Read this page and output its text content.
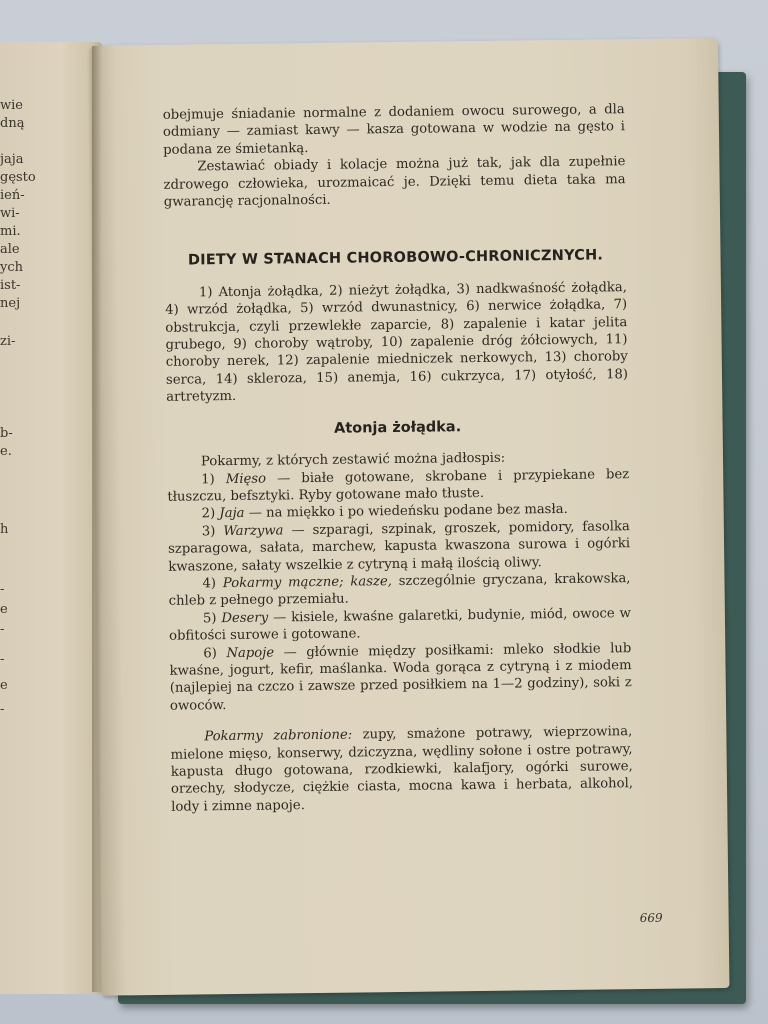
wie
dną
jaja
gęsto
ień-
wi-
mi.
ale
ych
ist-
nej
zi-
b-
e.
h
-
e
-
-
e
-

obejmuje śniadanie normalne z dodaniem owocu surowego, a dla odmiany — zamiast kawy — kasza gotowana w wodzie na gęsto i podana ze śmietanką.

Zestawiać obiady i kolacje można już tak, jak dla zupełnie zdrowego człowieka, urozmaicać je. Dzięki temu dieta taka ma gwarancję racjonalności.

DIETY W STANACH CHOROBOWO-CHRONICZNYCH.

1) Atonja żołądka, 2) nieżyt żołądka, 3) nadkwaśność żołądka, 4) wrzód żołądka, 5) wrzód dwunastnicy, 6) nerwice żołądka, 7) obstrukcja, czyli przewlekłe zaparcie, 8) zapalenie i katar jelita grubego, 9) choroby wątroby, 10) zapalenie dróg żółciowych, 11) choroby nerek, 12) zapalenie miedniczek nerkowych, 13) choroby serca, 14) skleroza, 15) anemja, 16) cukrzyca, 17) otyłość, 18) artretyzm.

Atonja żołądka.

Pokarmy, z których zestawić można jadłospis:

1) Mięso — białe gotowane, skrobane i przypiekane bez tłuszczu, befsztyki. Ryby gotowane mało tłuste.

2) Jaja — na miękko i po wiedeńsku podane bez masła.

3) Warzywa — szparagi, szpinak, groszek, pomidory, fasolka szparagowa, sałata, marchew, kapusta kwaszona surowa i ogórki kwaszone, sałaty wszelkie z cytryną i małą ilością oliwy.

4) Pokarmy mączne; kasze, szczególnie gryczana, krakowska, chleb z pełnego przemiału.

5) Desery — kisiele, kwaśne galaretki, budynie, miód, owoce w obfitości surowe i gotowane.

6) Napoje — głównie między posiłkami: mleko słodkie lub kwaśne, jogurt, kefir, maślanka. Woda gorąca z cytryną i z miodem (najlepiej na czczo i zawsze przed posiłkiem na 1—2 godziny), soki z owoców.

Pokarmy zabronione: zupy, smażone potrawy, wieprzowina, mielone mięso, konserwy, dziczyzna, wędliny sołone i ostre potrawy, kapusta długo gotowana, rzodkiewki, kalafjory, ogórki surowe, orzechy, słodycze, ciężkie ciasta, mocna kawa i herbata, alkohol, lody i zimne napoje.

669
